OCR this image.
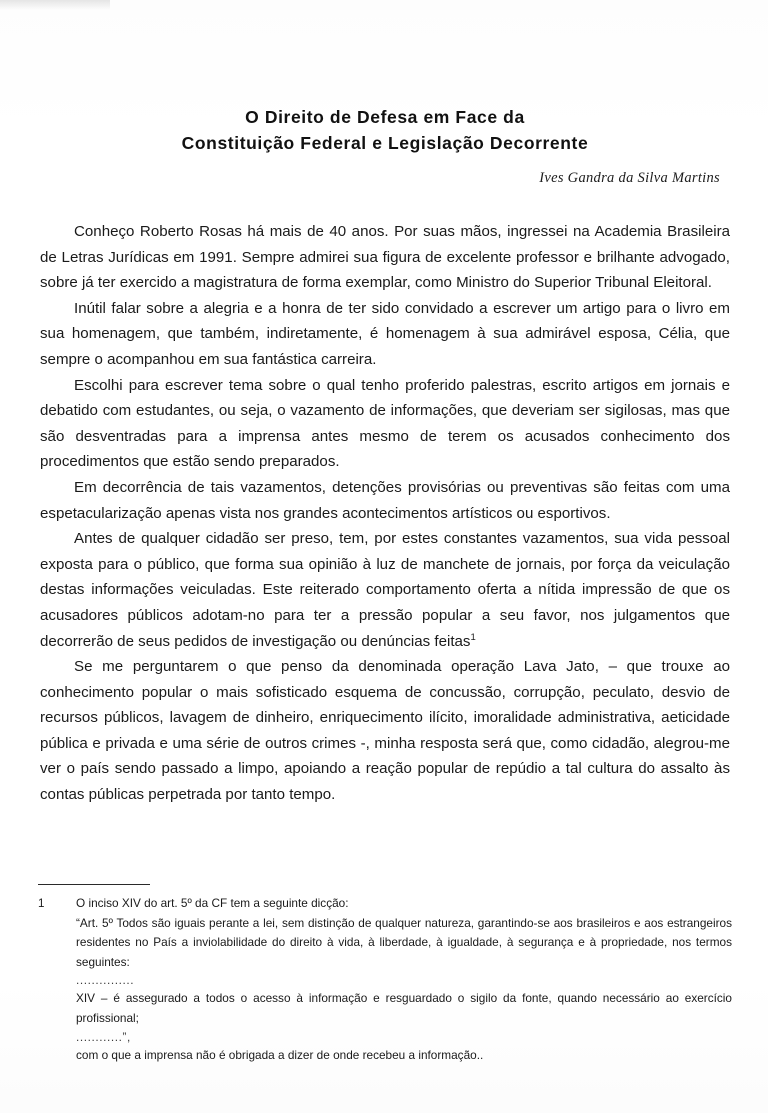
O Direito de Defesa em Face da
Constituição Federal e Legislação Decorrente
Ives Gandra da Silva Martins

Conheço Roberto Rosas há mais de 40 anos. Por suas mãos, ingressei na Academia Brasileira de Letras Jurídicas em 1991. Sempre admirei sua figura de excelente professor e brilhante advogado, sobre já ter exercido a magistratura de forma exemplar, como Ministro do Superior Tribunal Eleitoral.

Inútil falar sobre a alegria e a honra de ter sido convidado a escrever um artigo para o livro em sua homenagem, que também, indiretamente, é homenagem à sua admirável esposa, Célia, que sempre o acompanhou em sua fantástica carreira.

Escolhi para escrever tema sobre o qual tenho proferido palestras, escrito artigos em jornais e debatido com estudantes, ou seja, o vazamento de informações, que deveriam ser sigilosas, mas que são desventradas para a imprensa antes mesmo de terem os acusados conhecimento dos procedimentos que estão sendo preparados.

Em decorrência de tais vazamentos, detenções provisórias ou preventivas são feitas com uma espetacularização apenas vista nos grandes acontecimentos artísticos ou esportivos.

Antes de qualquer cidadão ser preso, tem, por estes constantes vazamentos, sua vida pessoal exposta para o público, que forma sua opinião à luz de manchete de jornais, por força da veiculação destas informações veiculadas. Este reiterado comportamento oferta a nítida impressão de que os acusadores públicos adotam-no para ter a pressão popular a seu favor, nos julgamentos que decorrerão de seus pedidos de investigação ou denúncias feitas$^1$

Se me perguntarem o que penso da denominada operação Lava Jato, – que trouxe ao conhecimento popular o mais sofisticado esquema de concussão, corrupção, peculato, desvio de recursos públicos, lavagem de dinheiro, enriquecimento ilícito, imoralidade administrativa, aeticidade pública e privada e uma série de outros crimes -, minha resposta será que, como cidadão, alegrou-me ver o país sendo passado a limpo, apoiando a reação popular de repúdio a tal cultura do assalto às contas públicas perpetrada por tanto tempo.

1	O inciso XIV do art. 5º da CF tem a seguinte dicção:
“Art. 5º Todos são iguais perante a lei, sem distinção de qualquer natureza, garantindo-se aos brasileiros e aos estrangeiros residentes no País a inviolabilidade do direito à vida, à liberdade, à igualdade, à segurança e à propriedade, nos termos seguintes:
...............
XIV – é assegurado a todos o acesso à informação e resguardado o sigilo da fonte, quando necessário ao exercício profissional;
............”,
com o que a imprensa não é obrigada a dizer de onde recebeu a informação..
